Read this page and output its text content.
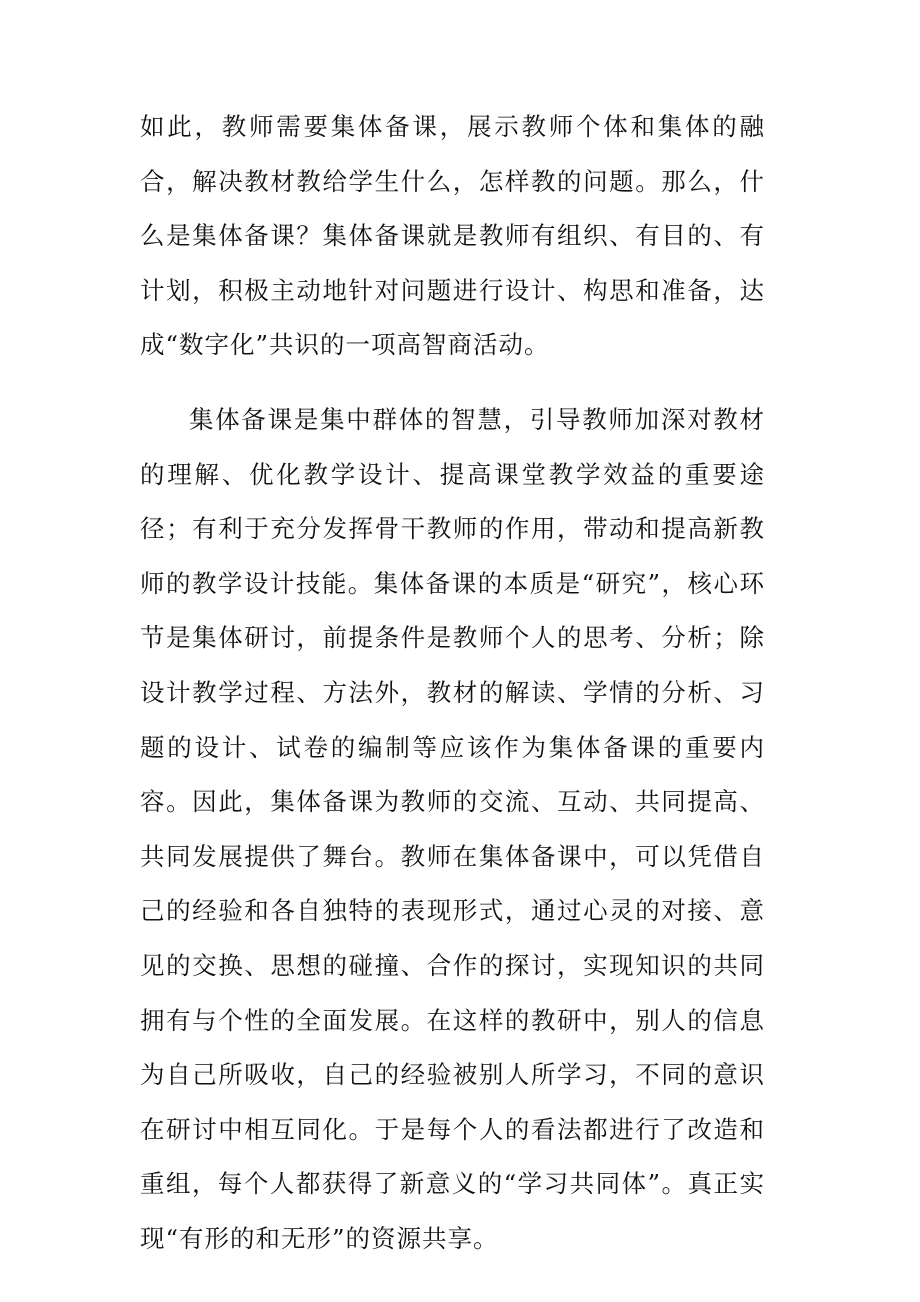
如此，教师需要集体备课，展示教师个体和集体的融合，解决教材教给学生什么，怎样教的问题。那么，什么是集体备课？集体备课就是教师有组织、有目的、有计划，积极主动地针对问题进行设计、构思和准备，达成“数字化”共识的一项高智商活动。

集体备课是集中群体的智慧，引导教师加深对教材的理解、优化教学设计、提高课堂教学效益的重要途径；有利于充分发挥骨干教师的作用，带动和提高新教师的教学设计技能。集体备课的本质是“研究”，核心环节是集体研讨，前提条件是教师个人的思考、分析；除设计教学过程、方法外，教材的解读、学情的分析、习题的设计、试卷的编制等应该作为集体备课的重要内容。因此，集体备课为教师的交流、互动、共同提高、共同发展提供了舞台。教师在集体备课中，可以凭借自己的经验和各自独特的表现形式，通过心灵的对接、意见的交换、思想的碰撞、合作的探讨，实现知识的共同拥有与个性的全面发展。在这样的教研中，别人的信息为自己所吸收，自己的经验被别人所学习，不同的意识在研讨中相互同化。于是每个人的看法都进行了改造和重组，每个人都获得了新意义的“学习共同体”。真正实现“有形的和无形”的资源共享。
